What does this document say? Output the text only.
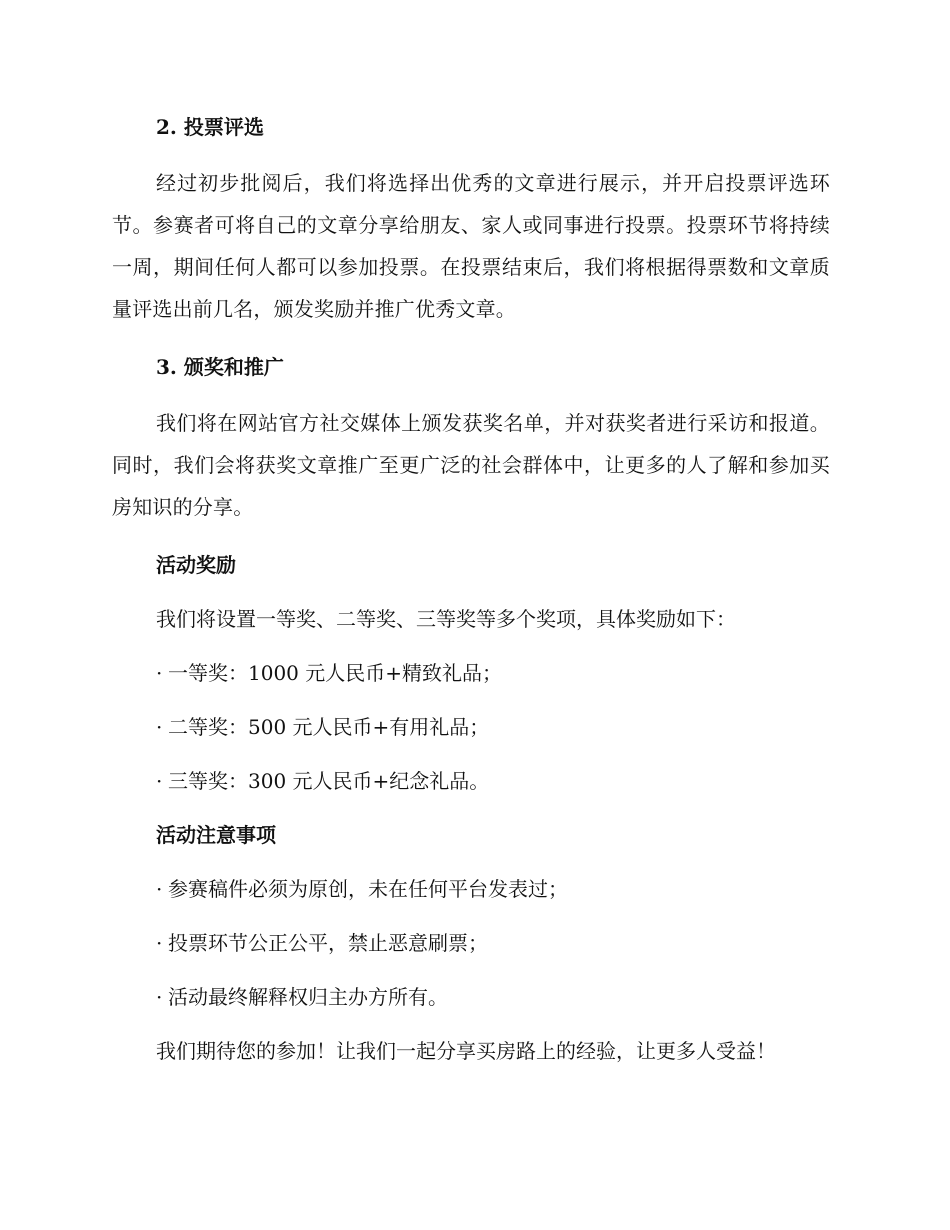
2. 投票评选

经过初步批阅后，我们将选择出优秀的文章进行展示，并开启投票评选环节。参赛者可将自己的文章分享给朋友、家人或同事进行投票。投票环节将持续一周，期间任何人都可以参加投票。在投票结束后，我们将根据得票数和文章质量评选出前几名，颁发奖励并推广优秀文章。

3. 颁奖和推广

我们将在网站官方社交媒体上颁发获奖名单，并对获奖者进行采访和报道。同时，我们会将获奖文章推广至更广泛的社会群体中，让更多的人了解和参加买房知识的分享。

活动奖励

我们将设置一等奖、二等奖、三等奖等多个奖项，具体奖励如下：

· 一等奖：1000 元人民币+精致礼品；

· 二等奖：500 元人民币+有用礼品；

· 三等奖：300 元人民币+纪念礼品。

活动注意事项

· 参赛稿件必须为原创，未在任何平台发表过；

· 投票环节公正公平，禁止恶意刷票；

· 活动最终解释权归主办方所有。

我们期待您的参加！让我们一起分享买房路上的经验，让更多人受益！
